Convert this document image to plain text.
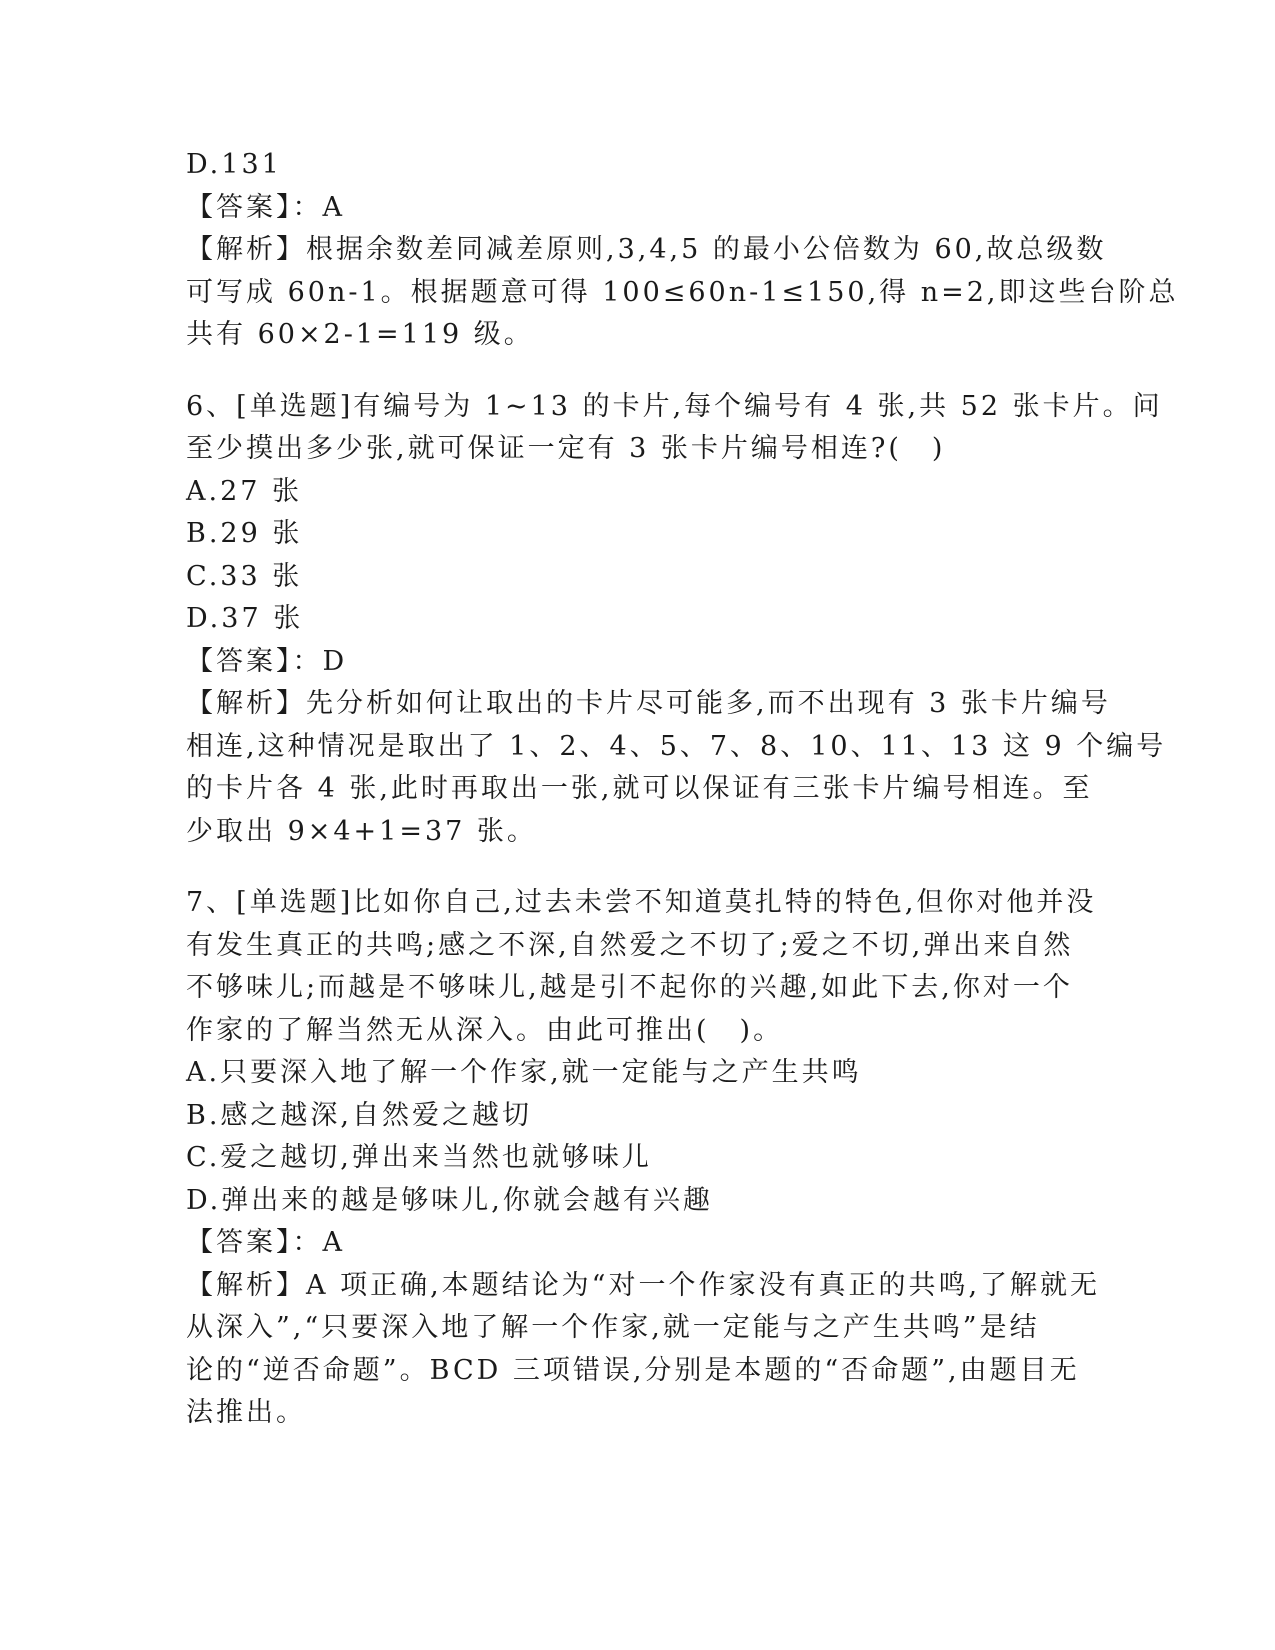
D.131
【答案】：A
【解析】根据余数差同减差原则,3,4,5 的最小公倍数为 60,故总级数
可写成 60n-1。根据题意可得 100≤60n-1≤150,得 n=2,即这些台阶总
共有 60×2-1=119 级。
6、[单选题]有编号为 1~13 的卡片,每个编号有 4 张,共 52 张卡片。问
至少摸出多少张,就可保证一定有 3 张卡片编号相连?(　)
A.27 张
B.29 张
C.33 张
D.37 张
【答案】：D
【解析】先分析如何让取出的卡片尽可能多,而不出现有 3 张卡片编号
相连,这种情况是取出了 1、2、4、5、7、8、10、11、13 这 9 个编号
的卡片各 4 张,此时再取出一张,就可以保证有三张卡片编号相连。至
少取出 9×4+1=37 张。
7、[单选题]比如你自己,过去未尝不知道莫扎特的特色,但你对他并没
有发生真正的共鸣;感之不深,自然爱之不切了;爱之不切,弹出来自然
不够味儿;而越是不够味儿,越是引不起你的兴趣,如此下去,你对一个
作家的了解当然无从深入。由此可推出(　)。
A.只要深入地了解一个作家,就一定能与之产生共鸣
B.感之越深,自然爱之越切
C.爱之越切,弹出来当然也就够味儿
D.弹出来的越是够味儿,你就会越有兴趣
【答案】：A
【解析】A 项正确,本题结论为“对一个作家没有真正的共鸣,了解就无
从深入”,“只要深入地了解一个作家,就一定能与之产生共鸣”是结
论的“逆否命题”。BCD 三项错误,分别是本题的“否命题”,由题目无
法推出。
